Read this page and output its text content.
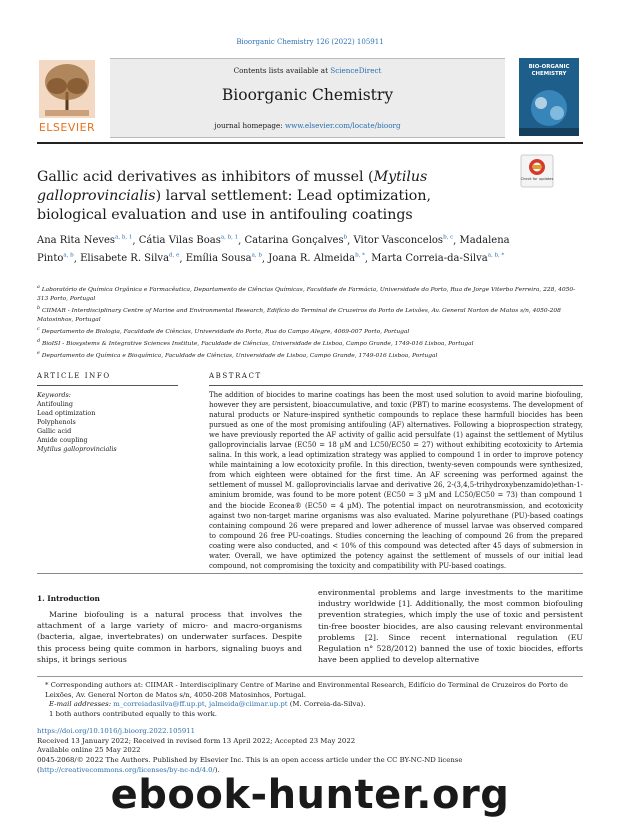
Bioorganic Chemistry 126 (2022) 105911
Contents lists available at ScienceDirect
Bioorganic Chemistry
journal homepage: www.elsevier.com/locate/bioorg
ELSEVIER
BIO-ORGANIC CHEMISTRY
Gallic acid derivatives as inhibitors of mussel (Mytilus galloprovincialis) larval settlement: Lead optimization, biological evaluation and use in antifouling coatings
Check for updates
Ana Rita Neves$^{a, b, 1}$, Cátia Vilas Boas$^{a, b, 1}$, Catarina Gonçalves$^b$, Vitor Vasconcelos$^{b, c}$, Madalena Pinto$^{a, b}$, Elisabete R. Silva$^{d, e}$, Emília Sousa$^{a, b}$, Joana R. Almeida$^{b, *}$, Marta Correia-da-Silva$^{a, b, *}$
$^a$ Laboratório de Química Orgânica e Farmacêutica, Departamento de Ciências Químicas, Faculdade de Farmácia, Universidade do Porto, Rua de Jorge Viterbo Ferreira, 228, 4050-313 Porto, Portugal
$^b$ CIIMAR - Interdisciplinary Centre of Marine and Environmental Research, Edifício do Terminal de Cruzeiros do Porto de Leixões, Av. General Norton de Matos s/n, 4050-208 Matosinhos, Portugal
$^c$ Departamento de Biologia, Faculdade de Ciências, Universidade do Porto, Rua do Campo Alegre, 4069-007 Porto, Portugal
$^d$ BioISI - Biosystems & Integrative Sciences Institute, Faculdade de Ciências, Universidade de Lisboa, Campo Grande, 1749-016 Lisboa, Portugal
$^e$ Departamento de Química e Bioquímica, Faculdade de Ciências, Universidade de Lisboa, Campo Grande, 1749-016 Lisboa, Portugal
ARTICLE INFO
Keywords:
Antifouling
Lead optimization
Polyphenols
Gallic acid
Amide coupling
Mytilus galloprovincialis
ABSTRACT
The addition of biocides to marine coatings has been the most used solution to avoid marine biofouling, however they are persistent, bioaccumulative, and toxic (PBT) to marine ecosystems. The development of natural products or Nature-inspired synthetic compounds to replace these harmfull biocides has been pursued as one of the most promising antifouling (AF) alternatives. Following a bioprospection strategy, we have previously reported the AF activity of gallic acid persulfate (1) against the settlement of Mytilus galloprovincialis larvae (EC50 = 18 µM and LC50/EC50 = 27) without exhibiting ecotoxicity to Artemia salina. In this work, a lead optimization strategy was applied to compound 1 in order to improve potency while maintaining a low ecotoxicity profile. In this direction, twenty-seven compounds were synthesized, from which eighteen were obtained for the first time. An AF screening was performed against the settlement of mussel M. galloprovincialis larvae and derivative 26, 2-(3,4,5-trihydroxybenzamido)ethan-1-aminium bromide, was found to be more potent (EC50 = 3 µM and LC50/EC50 = 73) than compound 1 and the biocide Econea® (EC50 = 4 µM). The potential impact on neurotransmission, and ecotoxicity against two non-target marine organisms was also evaluated. Marine polyurethane (PU)-based coatings containing compound 26 were prepared and lower adherence of mussel larvae was observed compared to compound 26 free PU-coatings. Studies concerning the leaching of compound 26 from the prepared coating were also conducted, and < 10% of this compound was detected after 45 days of submersion in water. Overall, we have optimized the potency against the settlement of mussels of our initial lead compound, not compromising the toxicity and compatibility with PU-based coatings.
1. Introduction
Marine biofouling is a natural process that involves the attachment of a large variety of micro- and macro-organisms (bacteria, algae, invertebrates) on underwater surfaces. Despite this process being quite common in harbors, signaling buoys and ships, it brings serious
environmental problems and large investments to the maritime industry worldwide [1]. Additionally, the most common biofouling prevention strategies, which imply the use of toxic and persistent tin-free booster biocides, are also causing relevant environmental problems [2]. Since recent international regulation (EU Regulation n° 528/2012) banned the use of toxic biocides, efforts have been applied to develop alternative
* Corresponding authors at: CIIMAR - Interdisciplinary Centre of Marine and Environmental Research, Edifício do Terminal de Cruzeiros do Porto de Leixões, Av. General Norton de Matos s/n, 4050-208 Matosinhos, Portugal.
E-mail addresses: m_correiadasilva@ff.up.pt, jalmeida@ciimar.up.pt (M. Correia-da-Silva).
1 both authors contributed equally to this work.
https://doi.org/10.1016/j.bioorg.2022.105911
Received 13 January 2022; Received in revised form 13 April 2022; Accepted 23 May 2022
Available online 25 May 2022
0045-2068/© 2022 The Authors. Published by Elsevier Inc. This is an open access article under the CC BY-NC-ND license (http://creativecommons.org/licenses/by-nc-nd/4.0/).
ebook-hunter.org
